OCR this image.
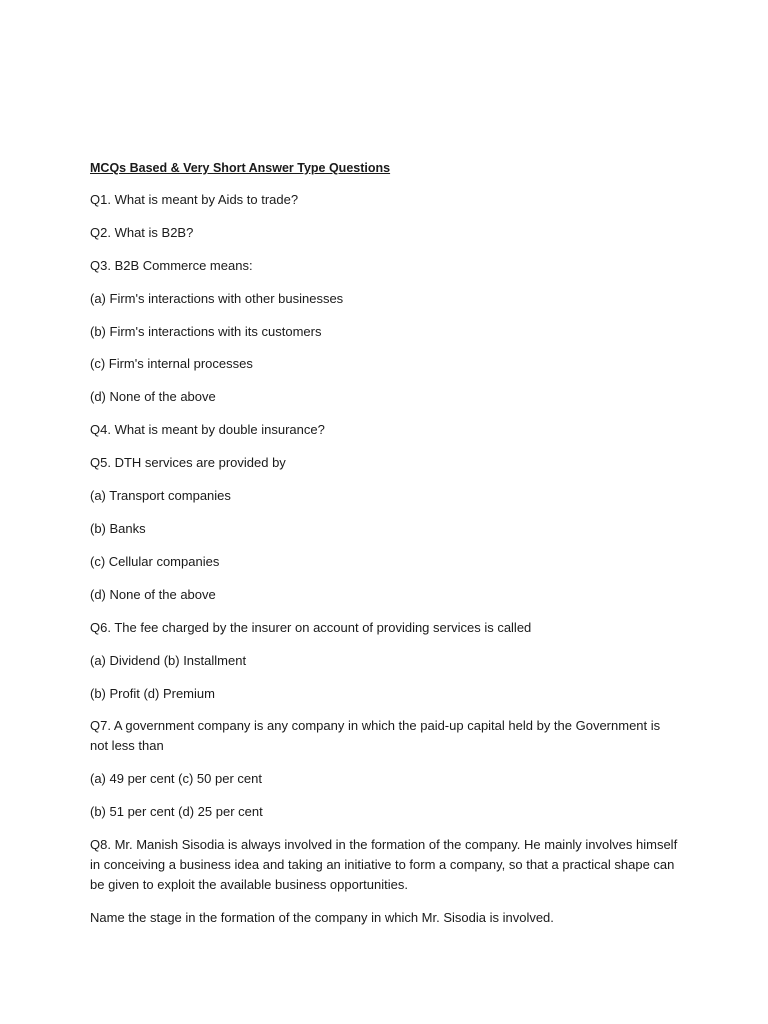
MCQs Based & Very Short Answer Type Questions

Q1. What is meant by Aids to trade?

Q2. What is B2B?

Q3. B2B Commerce means:

(a) Firm's interactions with other businesses

(b) Firm's interactions with its customers

(c) Firm's internal processes

(d) None of the above

Q4. What is meant by double insurance?

Q5. DTH services are provided by

(a) Transport companies

(b) Banks

(c) Cellular companies

(d) None of the above

Q6. The fee charged by the insurer on account of providing services is called

(a) Dividend (b) Installment

(b) Profit (d) Premium

Q7. A government company is any company in which the paid-up capital held by the Government is not less than

(a) 49 per cent (c) 50 per cent

(b) 51 per cent (d) 25 per cent

Q8. Mr. Manish Sisodia is always involved in the formation of the company. He mainly involves himself in conceiving a business idea and taking an initiative to form a company, so that a practical shape can be given to exploit the available business opportunities.

Name the stage in the formation of the company in which Mr. Sisodia is involved.
